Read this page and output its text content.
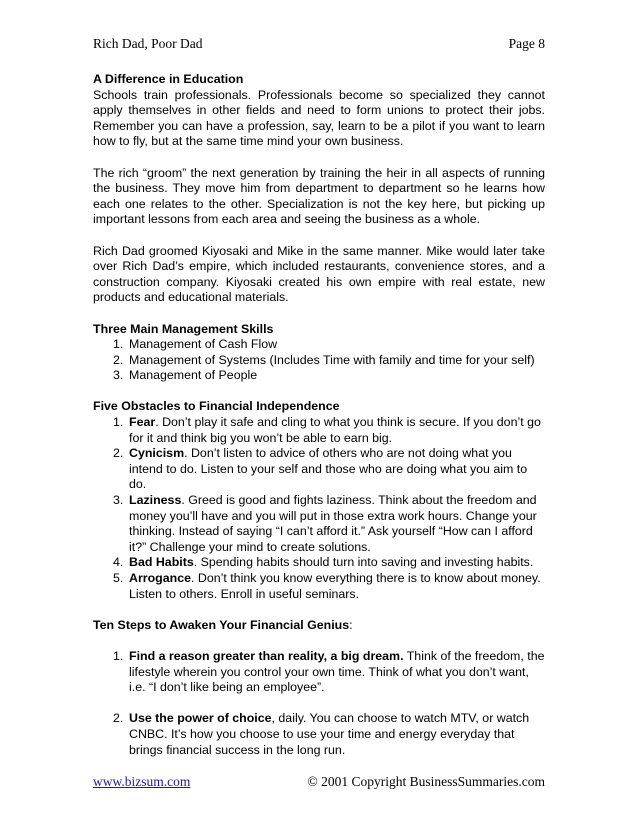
Rich Dad, Poor Dad	Page 8

A Difference in Education

Schools train professionals. Professionals become so specialized they cannot apply themselves in other fields and need to form unions to protect their jobs. Remember you can have a profession, say, learn to be a pilot if you want to learn how to fly, but at the same time mind your own business.

The rich “groom” the next generation by training the heir in all aspects of running the business. They move him from department to department so he learns how each one relates to the other. Specialization is not the key here, but picking up important lessons from each area and seeing the business as a whole.

Rich Dad groomed Kiyosaki and Mike in the same manner. Mike would later take over Rich Dad’s empire, which included restaurants, convenience stores, and a construction company. Kiyosaki created his own empire with real estate, new products and educational materials.

Three Main Management Skills
1. Management of Cash Flow
2. Management of Systems (Includes Time with family and time for your self)
3. Management of People
Five Obstacles to Financial Independence
1. Fear. Don’t play it safe and cling to what you think is secure. If you don’t go for it and think big you won’t be able to earn big.
2. Cynicism. Don’t listen to advice of others who are not doing what you intend to do. Listen to your self and those who are doing what you aim to do.
3. Laziness. Greed is good and fights laziness. Think about the freedom and money you’ll have and you will put in those extra work hours. Change your thinking. Instead of saying “I can’t afford it.” Ask yourself “How can I afford it?” Challenge your mind to create solutions.
4. Bad Habits. Spending habits should turn into saving and investing habits.
5. Arrogance. Don’t think you know everything there is to know about money. Listen to others. Enroll in useful seminars.
Ten Steps to Awaken Your Financial Genius:
1. Find a reason greater than reality, a big dream. Think of the freedom, the lifestyle wherein you control your own time. Think of what you don’t want, i.e. “I don’t like being an employee”.
2. Use the power of choice, daily. You can choose to watch MTV, or watch CNBC. It’s how you choose to use your time and energy everyday that brings financial success in the long run.
www.bizsum.com	© 2001 Copyright BusinessSummaries.com
